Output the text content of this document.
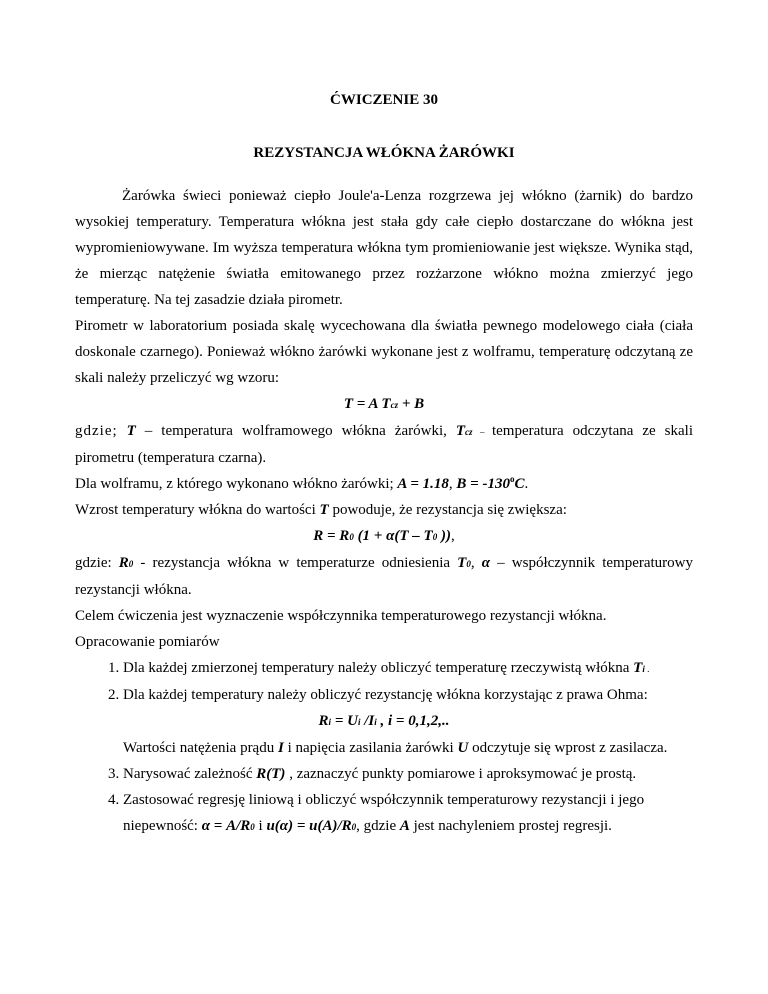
ĆWICZENIE 30
REZYSTANCJA WŁÓKNA ŻARÓWKI

Żarówka świeci ponieważ ciepło Joule'a-Lenza rozgrzewa jej włókno (żarnik) do bardzo wysokiej temperatury. Temperatura włókna jest stała gdy całe ciepło dostarczane do włókna jest wypromieniowywane. Im wyższa temperatura włókna tym promieniowanie jest większe. Wynika stąd, że mierząc natężenie światła emitowanego przez rozżarzone włókno można zmierzyć jego temperaturę. Na tej zasadzie działa pirometr.

Pirometr w laboratorium posiada skalę wycechowana dla światła pewnego modelowego ciała (ciała doskonale czarnego). Ponieważ włókno żarówki wykonane jest z wolframu, temperaturę odczytaną ze skali należy przeliczyć wg wzoru:

T = A Tcz + B

gdzie; T – temperatura wolframowego włókna żarówki, Tcz – temperatura odczytana ze skali pirometru (temperatura czarna).

Dla wolframu, z którego wykonano włókno żarówki; A = 1.18, $B = -130^oC$.

Wzrost temperatury włókna do wartości T powoduje, że rezystancja się zwiększa:

R = R0 (1 + α(T – T0 )),

gdzie: R0 - rezystancja włókna w temperaturze odniesienia T0, α – współczynnik temperaturowy rezystancji włókna.

Celem ćwiczenia jest wyznaczenie współczynnika temperaturowego rezystancji włókna.

Opracowanie pomiarów

1. Dla każdej zmierzonej temperatury należy obliczyć temperaturę rzeczywistą włókna Ti .
2. Dla każdej temperatury należy obliczyć rezystancję włókna korzystając z prawa Ohma:
Ri = Ui /Ii , i = 0,1,2,..
Wartości natężenia prądu I i napięcia zasilania żarówki U odczytuje się wprost z zasilacza.
3. Narysować zależność R(T) , zaznaczyć punkty pomiarowe i aproksymować je prostą.
4. Zastosować regresję liniową i obliczyć współczynnik temperaturowy rezystancji i jego niepewność: α = A/R0 i u(α) = u(A)/R0, gdzie A jest nachyleniem prostej regresji.
